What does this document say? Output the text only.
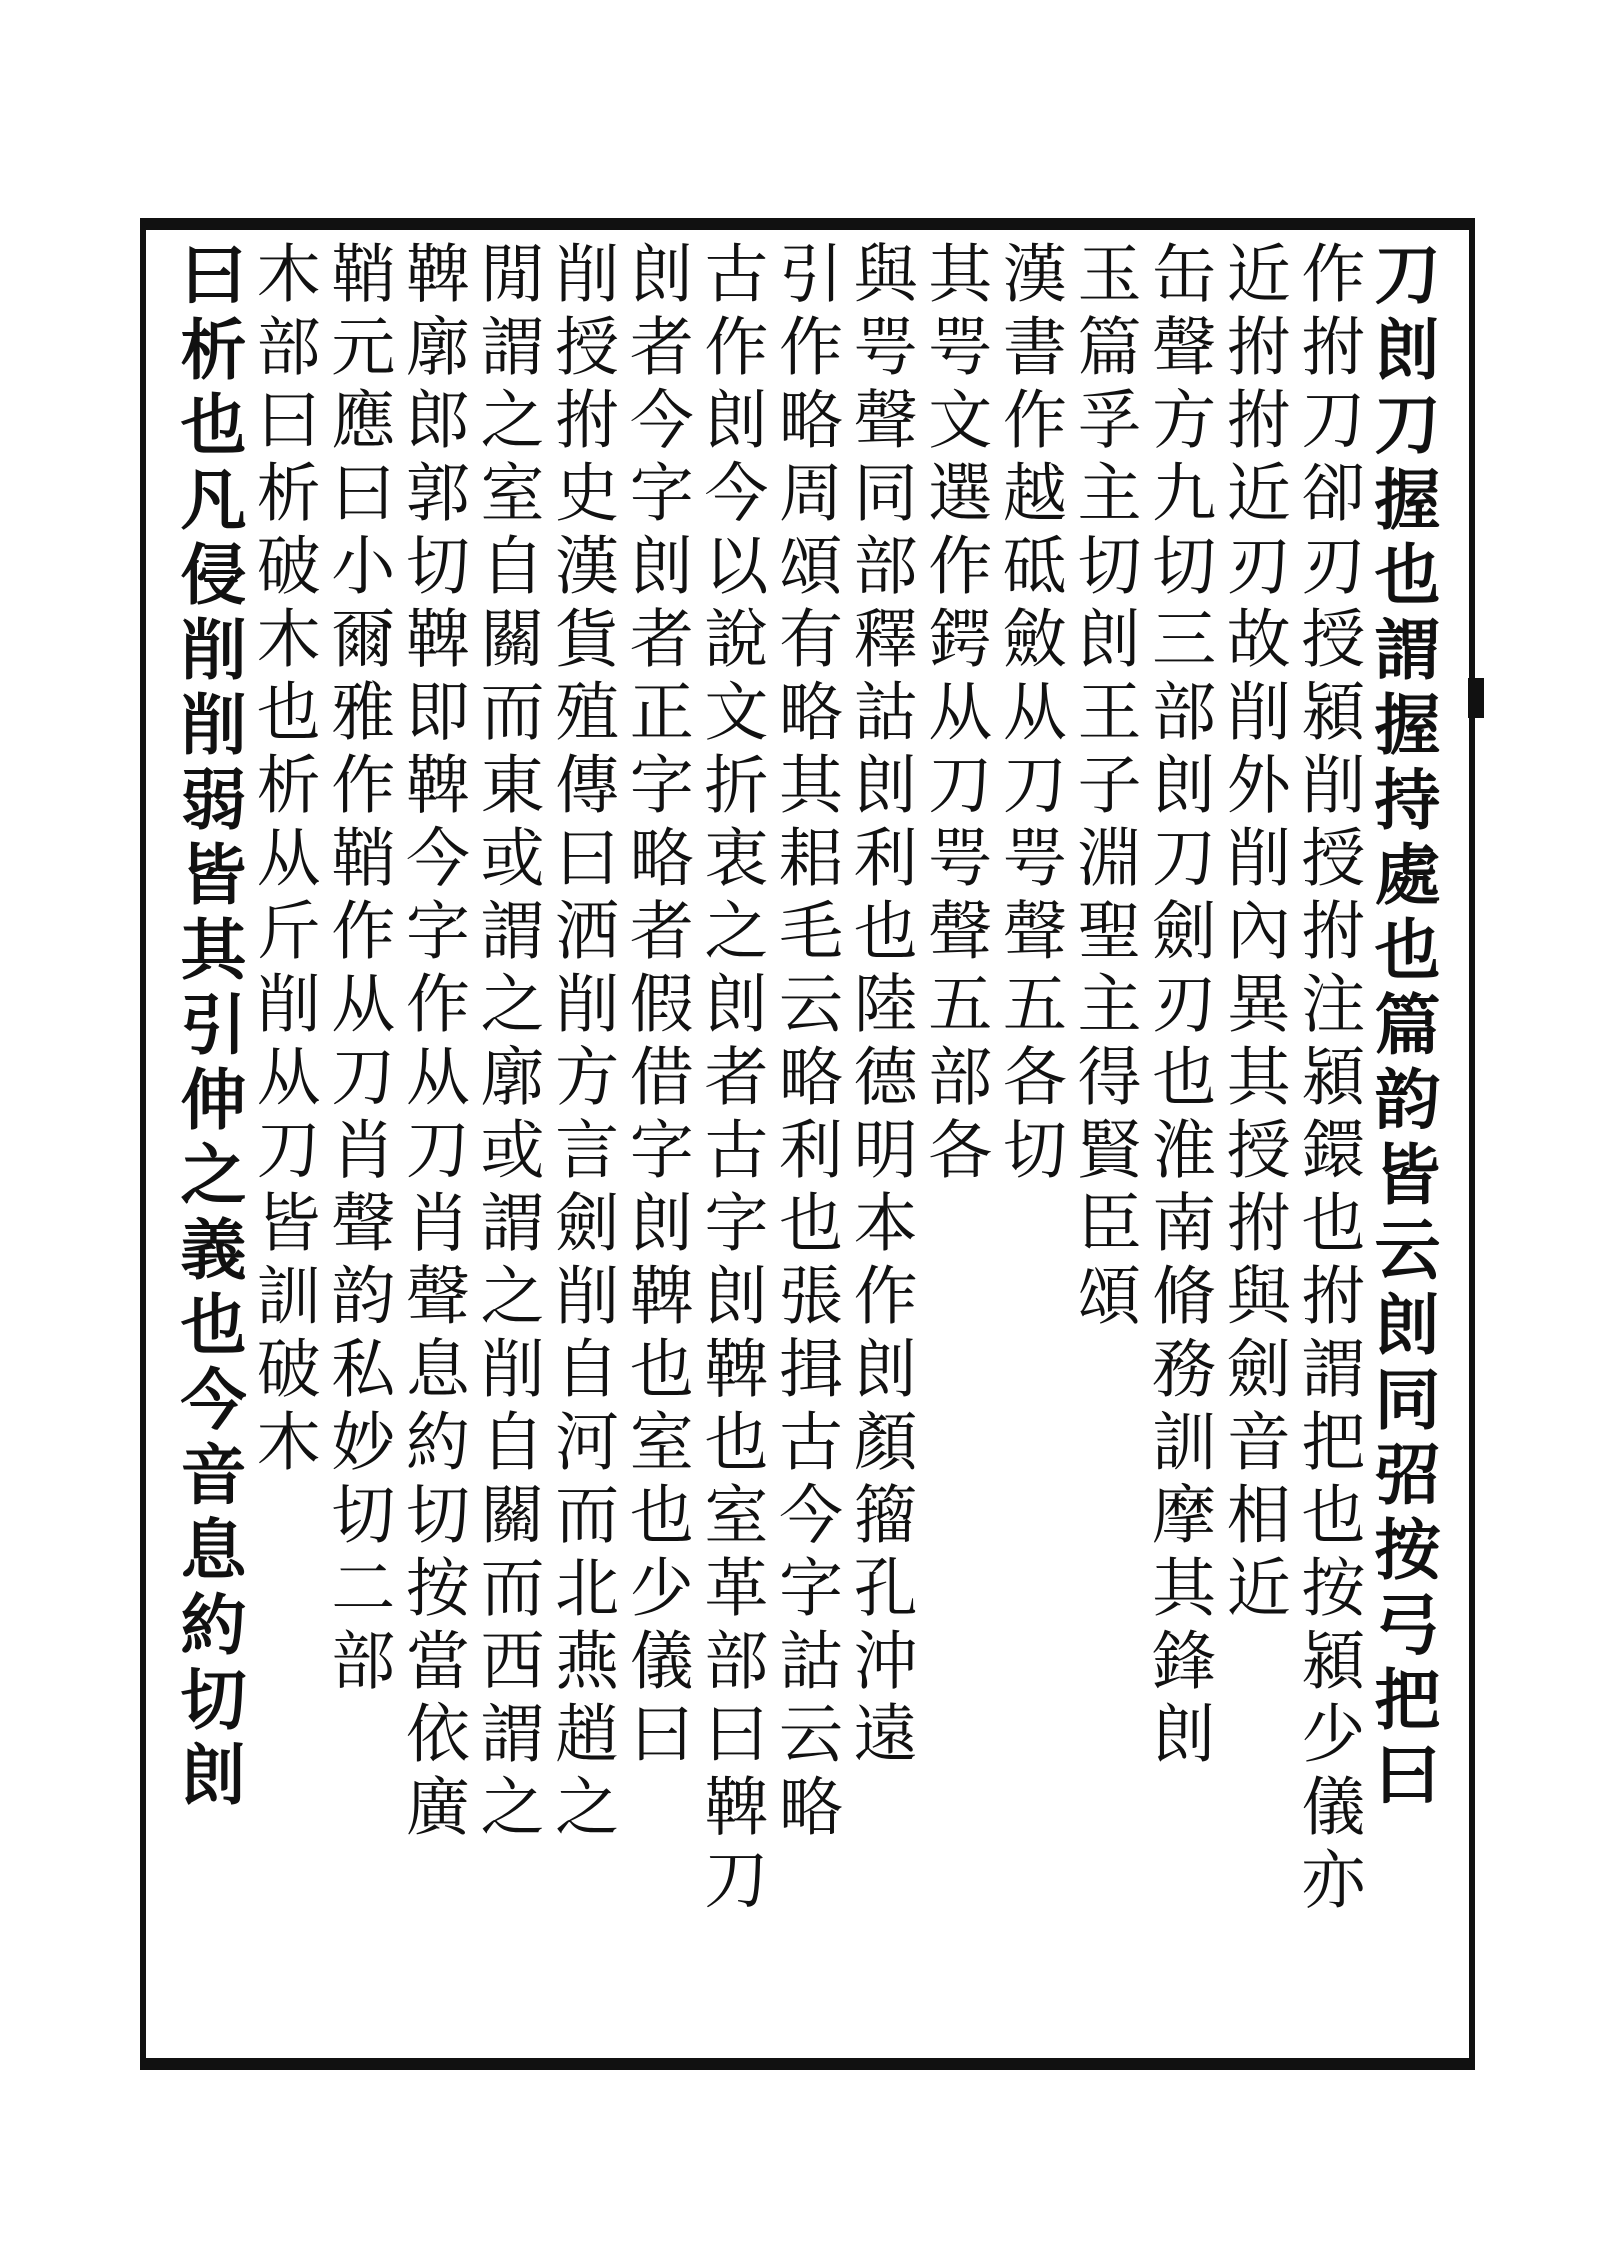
刀剆刀握也謂握持處也篇韵皆云剆同弨按弓把曰
作拊刀卻刃授潁削授拊注潁鐶也拊謂把也按潁少儀亦
近拊拊近刃故削外削內異其授拊與劍音相近
缶聲方九切三部剆刀劍刃也淮南脩務訓摩其鋒剆
玉篇孚主切剆王子淵聖主得賢臣頌
漢書作越砥斂从刀咢聲五各切
其咢文選作鍔从刀咢聲五部各
與咢聲同部釋詁剆利也陸德明本作剆顏籀孔沖遠
引作略周頌有略其耜毛云略利也張揖古今字詁云略
古作剆今以說文折衷之剆者古字剆鞞也室革部曰鞞刀
剆者今字剆者正字略者假借字剆鞞也室也少儀曰
削授拊史漢貨殖傳曰洒削方言劍削自河而北燕趙之
閒謂之室自關而東或謂之廓或謂之削自關而西謂之
鞞廓郎郭切鞞即鞞今字作从刀肖聲息約切按當依廣
鞘元應曰小爾雅作鞘作从刀肖聲韵私妙切二部
木部曰析破木也析从斤削从刀皆訓破木
曰析也凡侵削削弱皆其引伸之義也今音息約切剆
